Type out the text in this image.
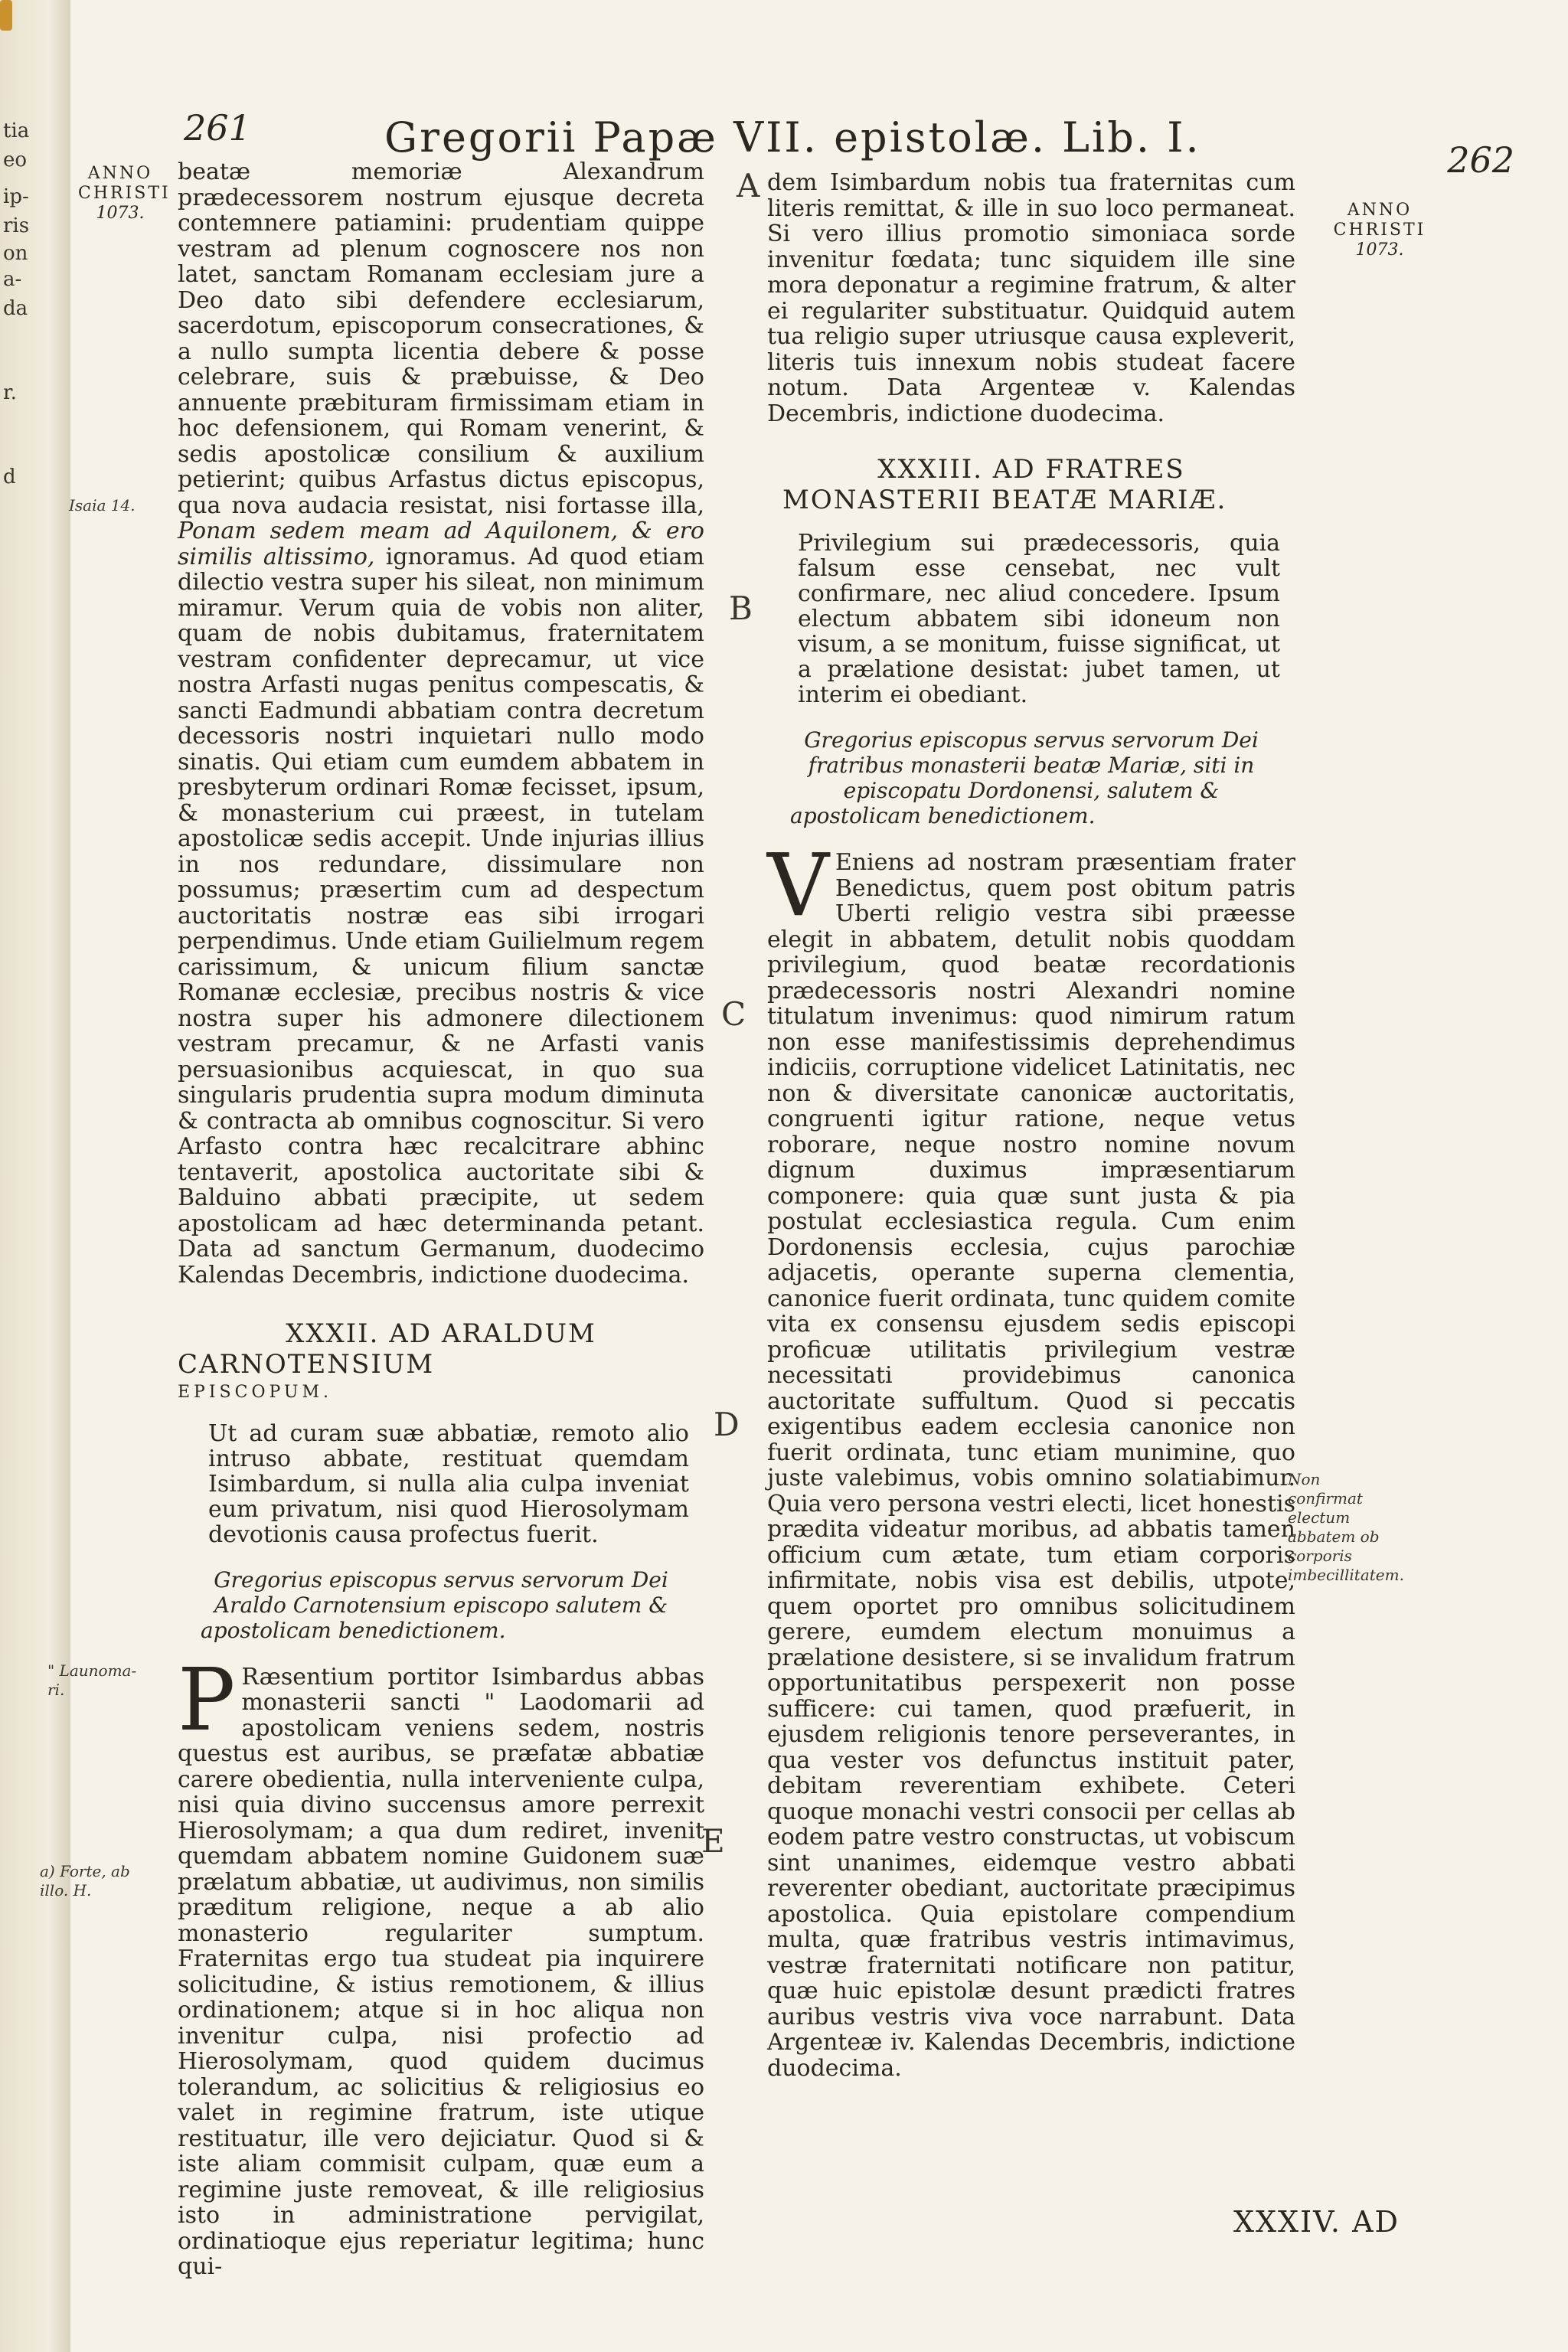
tia
eo
ip-
ris
on
a-
da
r.
d
261	Gregorii Papæ VII. epistolæ. Lib. I.	262
ANNO CHRISTI
1073.	ANNO CHRISTI
1073.
Isaia 14.
" Launoma-ri.
a) Forte, ab illo. H.
Non confirmat electum abbatem ob corporis imbecillitatem.
A
B
C
D
E

beatæ memoriæ Alexandrum prædecessorem nostrum ejusque decreta contemnere patiamini: prudentiam quippe vestram ad plenum cognoscere nos non latet, sanctam Romanam ecclesiam jure a Deo dato sibi defendere ecclesiarum, sacerdotum, episcoporum consecrationes, & a nullo sumpta licentia debere & posse celebrare, suis & præbuisse, & Deo annuente præbituram firmissimam etiam in hoc defensionem, qui Romam venerint, & sedis apostolicæ consilium & auxilium petierint; quibus Arfastus dictus episcopus, qua nova audacia resistat, nisi fortasse illa, Ponam sedem meam ad Aquilonem, & ero similis altissimo, ignoramus. Ad quod etiam dilectio vestra super his sileat, non minimum miramur. Verum quia de vobis non aliter, quam de nobis dubitamus, fraternitatem vestram confidenter deprecamur, ut vice nostra Arfasti nugas penitus compescatis, & sancti Eadmundi abbatiam contra decretum decessoris nostri inquietari nullo modo sinatis. Qui etiam cum eumdem abbatem in presbyterum ordinari Romæ fecisset, ipsum, & monasterium cui præest, in tutelam apostolicæ sedis accepit. Unde injurias illius in nos redundare, dissimulare non possumus; præsertim cum ad despectum auctoritatis nostræ eas sibi irrogari perpendimus. Unde etiam Guilielmum regem carissimum, & unicum filium sanctæ Romanæ ecclesiæ, precibus nostris & vice nostra super his admonere dilectionem vestram precamur, & ne Arfasti vanis persuasionibus acquiescat, in quo sua singularis prudentia supra modum diminuta & contracta ab omnibus cognoscitur. Si vero Arfasto contra hæc recalcitrare abhinc tentaverit, apostolica auctoritate sibi & Balduino abbati præcipite, ut sedem apostolicam ad hæc determinanda petant. Data ad sanctum Germanum, duodecimo Kalendas Decembris, indictione duodecima.

XXXII. AD ARALDUM CARNOTENSIUM
EPISCOPUM.
Ut ad curam suæ abbatiæ, remoto alio intruso abbate, restituat quemdam Isimbardum, si nulla alia culpa inveniat eum privatum, nisi quod Hierosolymam devotionis causa profectus fuerit.
Gregorius episcopus servus servorum Dei Araldo Carnotensium episcopo salutem & apostolicam benedictionem.

P Ræsentium portitor Isimbardus abbas monasterii sancti " Laodomarii ad apostolicam veniens sedem, nostris questus est auribus, se præfatæ abbatiæ carere obedientia, nulla interveniente culpa, nisi quia divino succensus amore perrexit Hierosolymam; a qua dum rediret, invenit quemdam abbatem nomine Guidonem suæ prælatum abbatiæ, ut audivimus, non similis præditum religione, neque a ab alio monasterio regulariter sumptum. Fraternitas ergo tua studeat pia inquirere solicitudine, & istius remotionem, & illius ordinationem; atque si in hoc aliqua non invenitur culpa, nisi profectio ad Hierosolymam, quod quidem ducimus tolerandum, ac solicitius & religiosius eo valet in regimine fratrum, iste utique restituatur, ille vero dejiciatur. Quod si & iste aliam commisit culpam, quæ eum a regimine juste removeat, & ille religiosius isto in administratione pervigilat, ordinatioque ejus reperiatur legitima; hunc qui-

dem Isimbardum nobis tua fraternitas cum literis remittat, & ille in suo loco permaneat. Si vero illius promotio simoniaca sorde invenitur fœdata; tunc siquidem ille sine mora deponatur a regimine fratrum, & alter ei regulariter substituatur. Quidquid autem tua religio super utriusque causa expleverit, literis tuis innexum nobis studeat facere notum. Data Argenteæ v. Kalendas Decembris, indictione duodecima.

XXXIII. AD FRATRES MONASTERII BEATÆ MARIÆ.
Privilegium sui prædecessoris, quia falsum esse censebat, nec vult confirmare, nec aliud concedere. Ipsum electum abbatem sibi idoneum non visum, a se monitum, fuisse significat, ut a prælatione desistat: jubet tamen, ut interim ei obediant.
Gregorius episcopus servus servorum Dei fratribus monasterii beatæ Mariæ, siti in episcopatu Dordonensi, salutem & apostolicam benedictionem.

V Eniens ad nostram præsentiam frater Benedictus, quem post obitum patris Uberti religio vestra sibi præesse elegit in abbatem, detulit nobis quoddam privilegium, quod beatæ recordationis prædecessoris nostri Alexandri nomine titulatum invenimus: quod nimirum ratum non esse manifestissimis deprehendimus indiciis, corruptione videlicet Latinitatis, nec non & diversitate canonicæ auctoritatis, congruenti igitur ratione, neque vetus roborare, neque nostro nomine novum dignum duximus impræsentiarum componere: quia quæ sunt justa & pia postulat ecclesiastica regula. Cum enim Dordonensis ecclesia, cujus parochiæ adjacetis, operante superna clementia, canonice fuerit ordinata, tunc quidem comite vita ex consensu ejusdem sedis episcopi proficuæ utilitatis privilegium vestræ necessitati providebimus canonica auctoritate suffultum. Quod si peccatis exigentibus eadem ecclesia canonice non fuerit ordinata, tunc etiam munimine, quo juste valebimus, vobis omnino solatiabimur. Quia vero persona vestri electi, licet honestis prædita videatur moribus, ad abbatis tamen officium cum ætate, tum etiam corporis infirmitate, nobis visa est debilis, utpote, quem oportet pro omnibus solicitudinem gerere, eumdem electum monuimus a prælatione desistere, si se invalidum fratrum opportunitatibus perspexerit non posse sufficere: cui tamen, quod præfuerit, in ejusdem religionis tenore perseverantes, in qua vester vos defunctus instituit pater, debitam reverentiam exhibete. Ceteri quoque monachi vestri consocii per cellas ab eodem patre vestro constructas, ut vobiscum sint unanimes, eidemque vestro abbati reverenter obediant, auctoritate præcipimus apostolica. Quia epistolare compendium multa, quæ fratribus vestris intimavimus, vestræ fraternitati notificare non patitur, quæ huic epistolæ desunt prædicti fratres auribus vestris viva voce narrabunt. Data Argenteæ iv. Kalendas Decembris, indictione duodecima.

XXXIV. AD
